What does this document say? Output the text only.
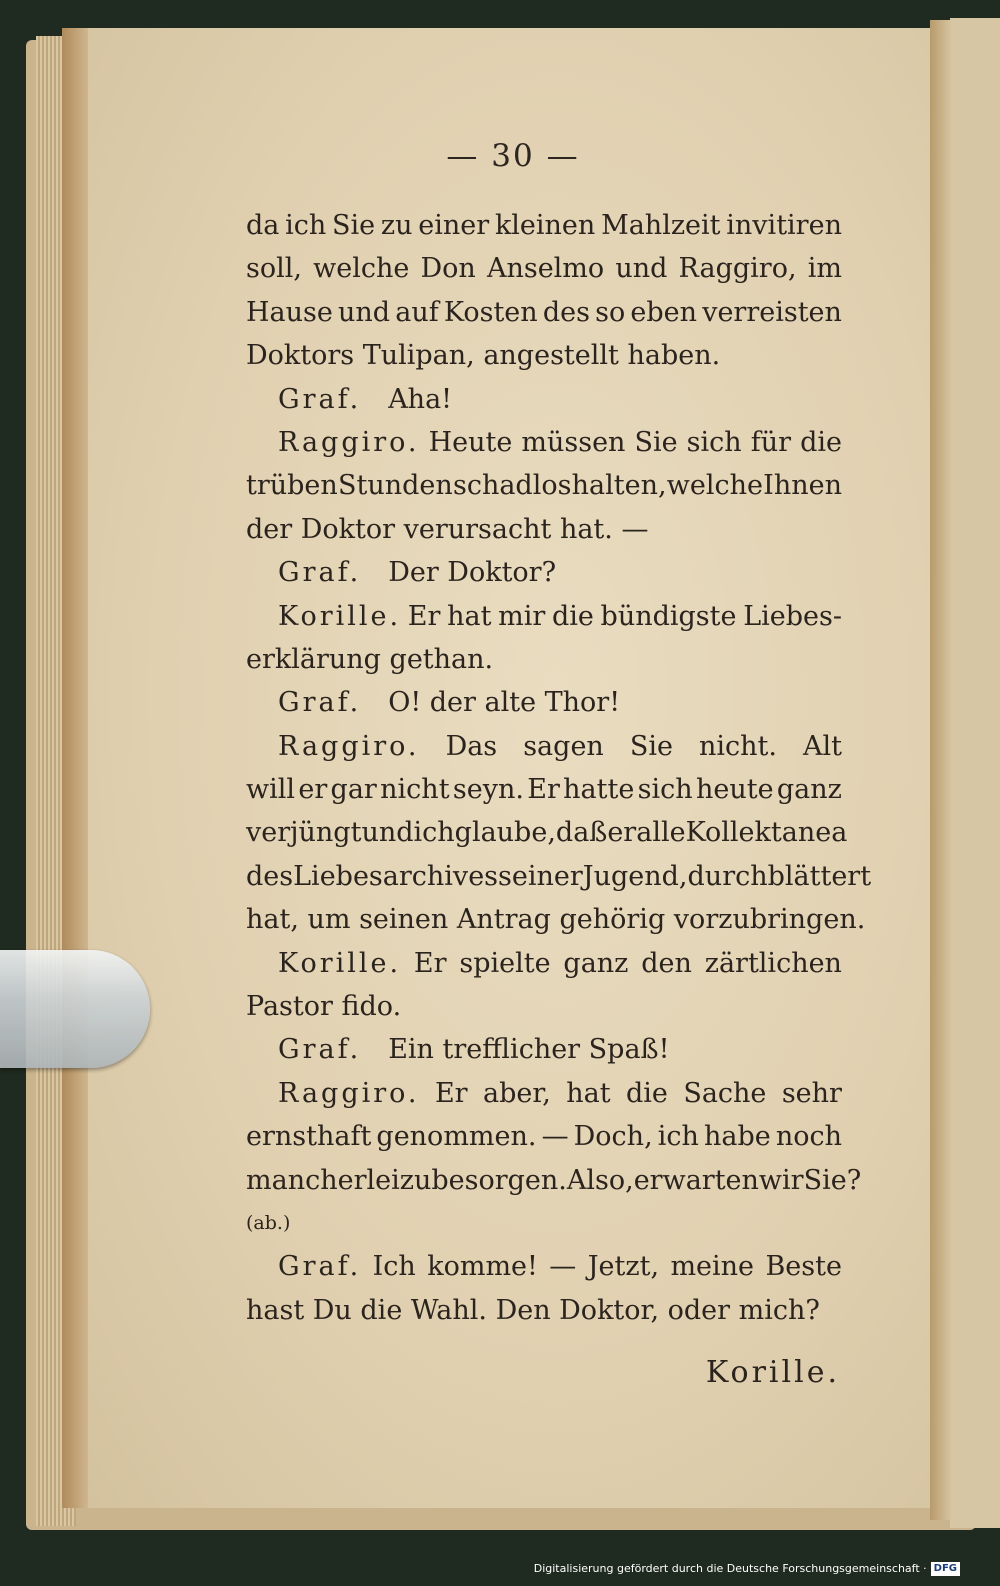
— 30 —
da ich Sie zu einer kleinen Mahlzeit invitiren
soll, welche Don Anselmo und Raggiro, im
Hause und auf Kosten des so eben verreisten
Doktors Tulipan, angestellt haben.
Graf.  Aha!
Raggiro. Heute müssen Sie sich für die
trüben Stunden schadlos halten, welche Ihnen
der Doktor verursacht hat. —
Graf.  Der Doktor?
Korille. Er hat mir die bündigste Liebes-
erklärung gethan.
Graf.  O! der alte Thor!
Raggiro. Das sagen Sie nicht. Alt
will er gar nicht seyn. Er hatte sich heute ganz
verjüngt und ich glaube, daß er alle Kollektanea
des Liebesarchives seiner Jugend, durchblättert
hat, um seinen Antrag gehörig vorzubringen.
Korille. Er spielte ganz den zärtlichen
Pastor fido.
Graf.  Ein trefflicher Spaß!
Raggiro. Er aber, hat die Sache sehr
ernsthaft genommen. — Doch, ich habe noch
mancherlei zu besorgen. Also, erwarten wir Sie?
(ab.)
Graf. Ich komme! — Jetzt, meine Beste
hast Du die Wahl. Den Doktor, oder mich?
Korille.
Digitalisierung gefördert durch die Deutsche Forschungsgemeinschaft · DFG
